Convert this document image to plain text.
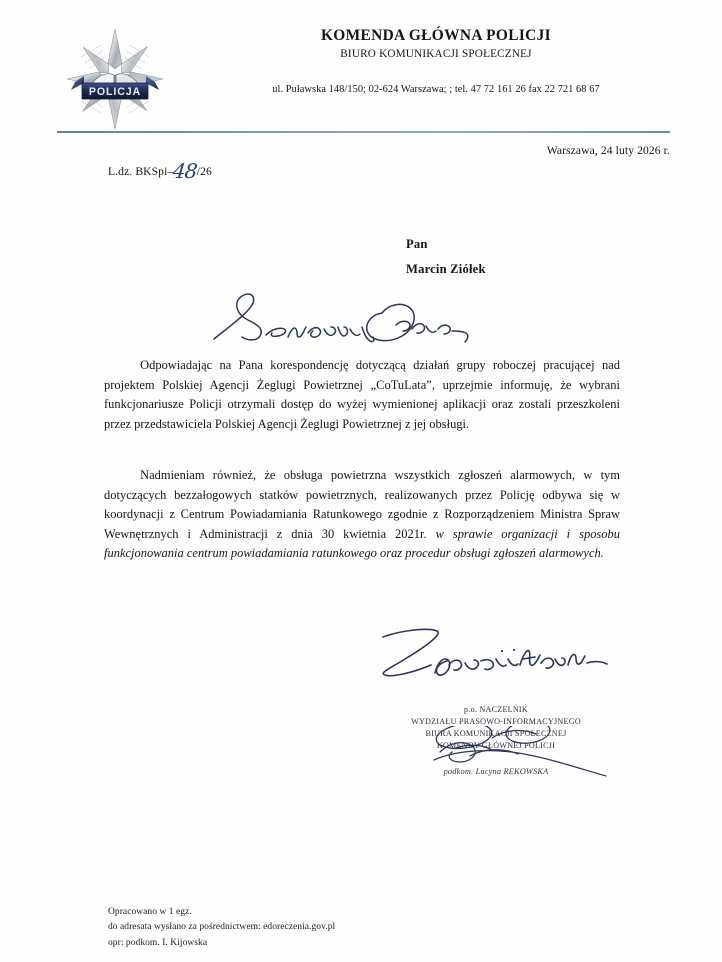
POLICJA
KOMENDA GŁÓWNA POLICJI
BIURO KOMUNIKACJI SPOŁECZNEJ
ul. Puławska 148/150; 02-624 Warszawa; ; tel. 47 72 161 26 fax 22 721 68 67
Warszawa, 24 luty 2026 r.
L.dz. BKSpi–48/26
Pan
Marcin Ziółek

Odpowiadając na Pana korespondencję dotyczącą działań grupy roboczej pracującej nad projektem Polskiej Agencji Żeglugi Powietrznej „CoTuLata”, uprzejmie informuję, że wybrani funkcjonariusze Policji otrzymali dostęp do wyżej wymienionej aplikacji oraz zostali przeszkoleni przez przedstawiciela Polskiej Agencji Żeglugi Powietrznej z jej obsługi.

Nadmieniam również, że obsługa powietrzna wszystkich zgłoszeń alarmowych, w tym dotyczących bezzałogowych statków powietrznych, realizowanych przez Policję odbywa się w koordynacji z Centrum Powiadamiania Ratunkowego zgodnie z Rozporządzeniem Ministra Spraw Wewnętrznych i Administracji z dnia 30 kwietnia 2021r. w sprawie organizacji i sposobu funkcjonowania centrum powiadamiania ratunkowego oraz procedur obsługi zgłoszeń alarmowych.

p.o. NACZELNIK
WYDZIAŁU PRASOWO-INFORMACYJNEGO
BIURA KOMUNIKACJI SPOŁECZNEJ
KOMENDY GŁÓWNEJ POLICJI
podkom. Lucyna REKOWSKA
Opracowano w 1 egz.
do adresata wysłano za pośrednictwem: edoreczenia.gov.pl
opr: podkom. I. Kijowska
